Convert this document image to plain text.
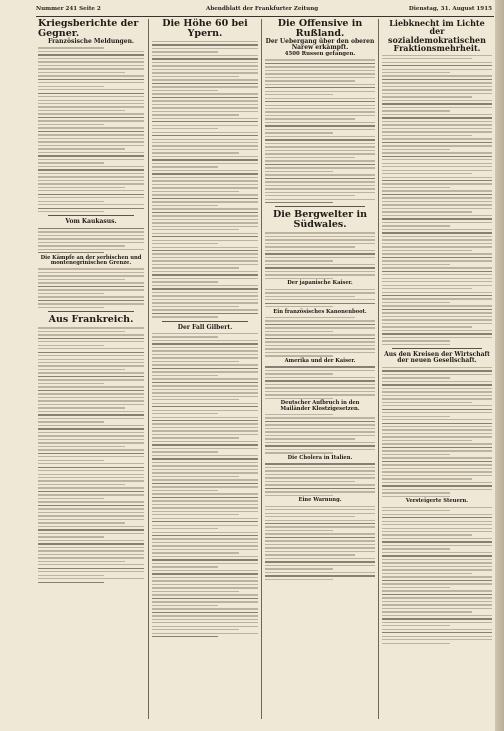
Nummer 241 Seite 2	Abendblatt der Frankfurter Zeitung	Dienstag, 31. August 1915
Kriegsberichte der Gegner.
Französische Meldungen.
Vom Kaukasus.
Die Kämpfe an der serbischen und montenegrinischen Grenze.
Aus Frankreich.
Die Höhe 60 bei Ypern.
Der Fall Gilbert.
Die Offensive in Rußland.
Der Uebergang über den oberen Narew erkämpft.
4500 Russen gefangen.
Die Bergwelter in Südwales.
Der japanische Kaiser.
Ein französisches Kanonenboot.
Amerika und der Kaiser.
Deutscher Aufbruch in den Mailänder Klostzigesetzen.
Die Cholera in Italien.
Eine Warnung.
Liebknecht im Lichte der sozialdemokratischen Fraktionsmehrheit.
Aus den Kreisen der Wirtschaft der neuen Gesellschaft.
Versteigerte Steuern.
